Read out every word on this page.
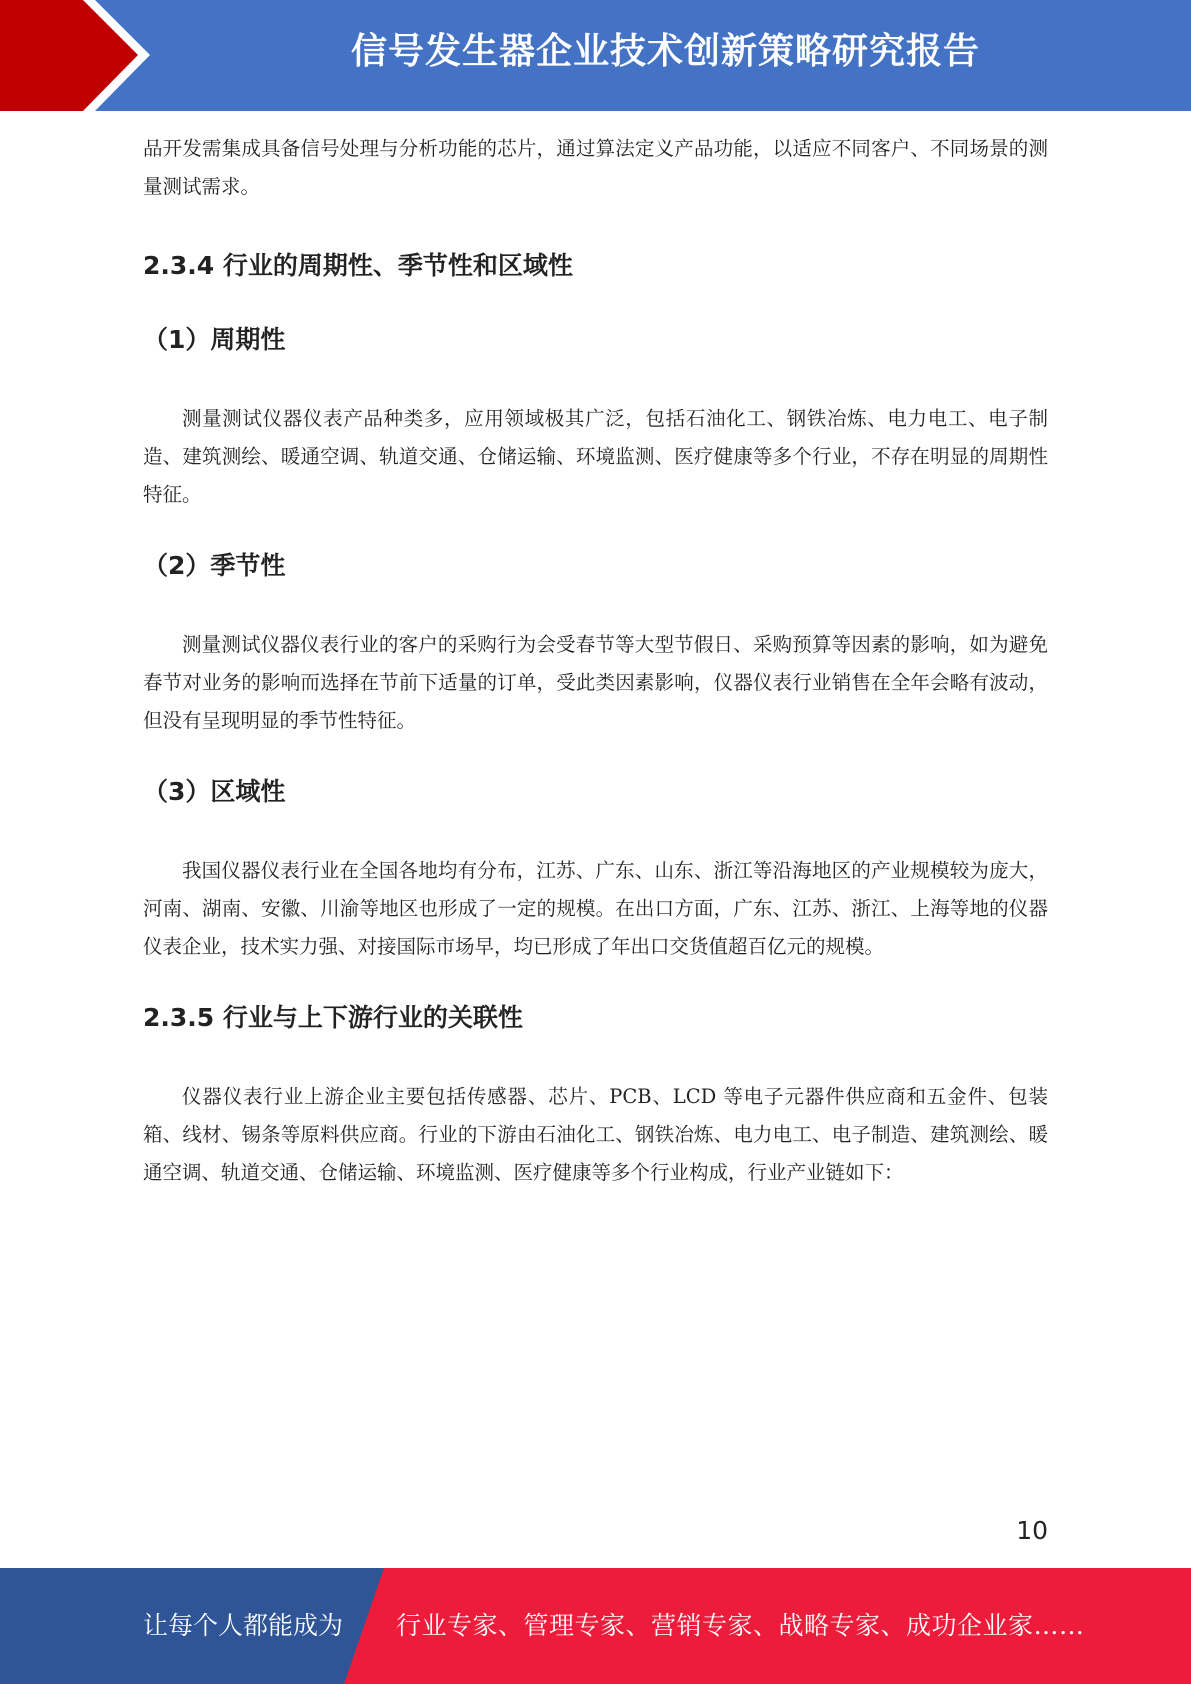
信号发生器企业技术创新策略研究报告

品开发需集成具备信号处理与分析功能的芯片，通过算法定义产品功能，以适应不同客户、不同场景的测量测试需求。

2.3.4 行业的周期性、季节性和区域性
（1）周期性

测量测试仪器仪表产品种类多，应用领域极其广泛，包括石油化工、钢铁冶炼、电力电工、电子制造、建筑测绘、暖通空调、轨道交通、仓储运输、环境监测、医疗健康等多个行业，不存在明显的周期性特征。

（2）季节性

测量测试仪器仪表行业的客户的采购行为会受春节等大型节假日、采购预算等因素的影响，如为避免春节对业务的影响而选择在节前下适量的订单，受此类因素影响，仪器仪表行业销售在全年会略有波动，但没有呈现明显的季节性特征。

（3）区域性

我国仪器仪表行业在全国各地均有分布，江苏、广东、山东、浙江等沿海地区的产业规模较为庞大，河南、湖南、安徽、川渝等地区也形成了一定的规模。在出口方面，广东、江苏、浙江、上海等地的仪器仪表企业，技术实力强、对接国际市场早，均已形成了年出口交货值超百亿元的规模。

2.3.5 行业与上下游行业的关联性

仪器仪表行业上游企业主要包括传感器、芯片、PCB、LCD 等电子元器件供应商和五金件、包装箱、线材、锡条等原料供应商。行业的下游由石油化工、钢铁冶炼、电力电工、电子制造、建筑测绘、暖通空调、轨道交通、仓储运输、环境监测、医疗健康等多个行业构成，行业产业链如下：

10
让每个人都能成为 行业专家、管理专家、营销专家、战略专家、成功企业家……
